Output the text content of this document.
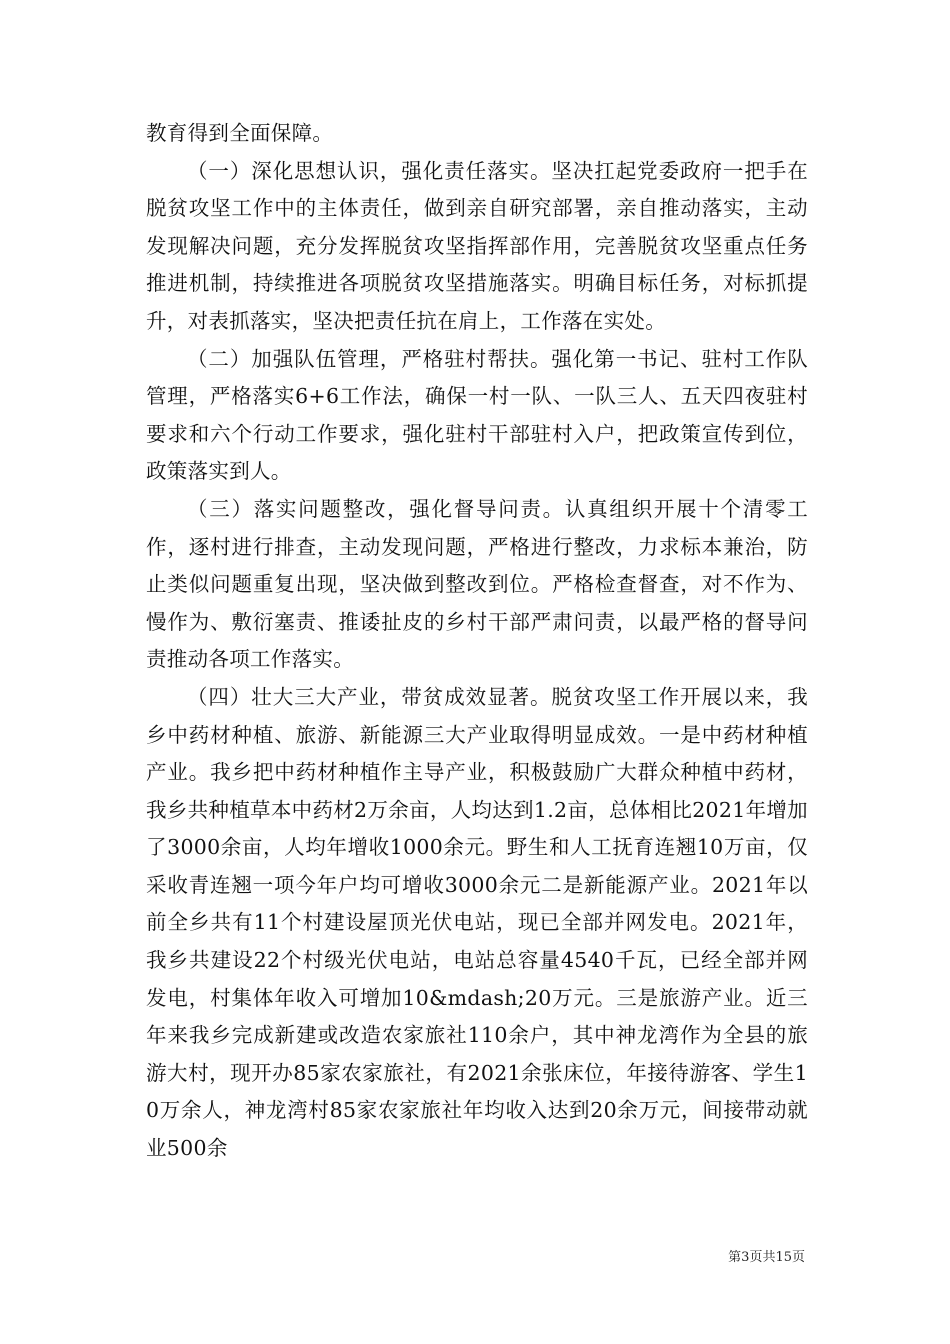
教育得到全面保障。

（一）深化思想认识，强化责任落实。坚决扛起党委政府一把手在脱贫攻坚工作中的主体责任，做到亲自研究部署，亲自推动落实，主动发现解决问题，充分发挥脱贫攻坚指挥部作用，完善脱贫攻坚重点任务推进机制，持续推进各项脱贫攻坚措施落实。明确目标任务，对标抓提升，对表抓落实，坚决把责任抗在肩上，工作落在实处。

（二）加强队伍管理，严格驻村帮扶。强化第一书记、驻村工作队管理，严格落实6+6工作法，确保一村一队、一队三人、五天四夜驻村要求和六个行动工作要求，强化驻村干部驻村入户，把政策宣传到位，政策落实到人。

（三）落实问题整改，强化督导问责。认真组织开展十个清零工作，逐村进行排查，主动发现问题，严格进行整改，力求标本兼治，防止类似问题重复出现，坚决做到整改到位。严格检查督查，对不作为、慢作为、敷衍塞责、推诿扯皮的乡村干部严肃问责，以最严格的督导问责推动各项工作落实。

（四）壮大三大产业，带贫成效显著。脱贫攻坚工作开展以来，我乡中药材种植、旅游、新能源三大产业取得明显成效。一是中药材种植产业。我乡把中药材种植作主导产业，积极鼓励广大群众种植中药材，我乡共种植草本中药材2万余亩，人均达到1.2亩，总体相比2021年增加了3000余亩，人均年增收1000余元。野生和人工抚育连翘10万亩，仅采收青连翘一项今年户均可增收3000余元二是新能源产业。2021年以前全乡共有11个村建设屋顶光伏电站，现已全部并网发电。2021年，我乡共建设22个村级光伏电站，电站总容量4540千瓦，已经全部并网发电，村集体年收入可增加10&mdash;20万元。三是旅游产业。近三年来我乡完成新建或改造农家旅社110余户，其中神龙湾作为全县的旅游大村，现开办85家农家旅社，有2021余张床位，年接待游客、学生10万余人，神龙湾村85家农家旅社年均收入达到20余万元，间接带动就业500余

第3页共15页
